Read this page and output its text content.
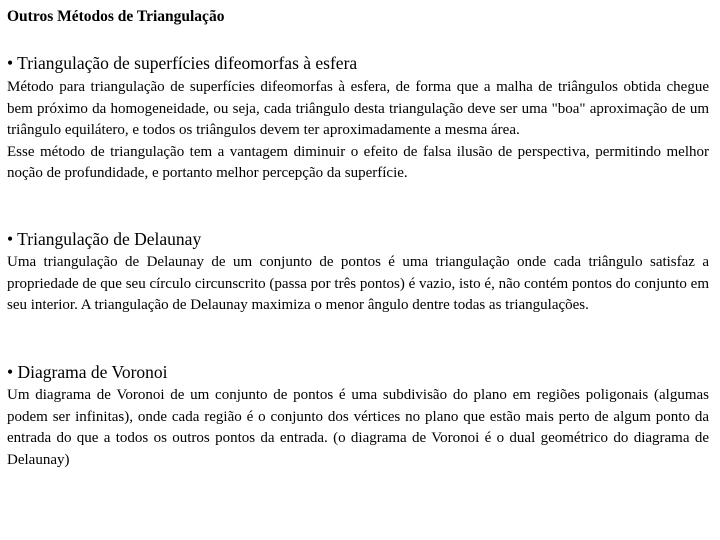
Outros Métodos de Triangulação
• Triangulação de superfícies difeomorfas à esfera

Método para triangulação de superfícies difeomorfas à esfera, de forma que a malha de triângulos obtida chegue bem próximo da homogeneidade, ou seja, cada triângulo desta triangulação deve ser uma "boa" aproximação de um triângulo equilátero, e todos os triângulos devem ter aproximadamente a mesma área.

Esse método de triangulação tem a vantagem diminuir o efeito de falsa ilusão de perspectiva, permitindo melhor noção de profundidade, e portanto melhor percepção da superfície.

• Triangulação de Delaunay

Uma triangulação de Delaunay de um conjunto de pontos é uma triangulação onde cada triângulo satisfaz a propriedade de que seu círculo circunscrito (passa por três pontos) é vazio, isto é, não contém pontos do conjunto em seu interior. A triangulação de Delaunay maximiza o menor ângulo dentre todas as triangulações.

• Diagrama de Voronoi

Um diagrama de Voronoi de um conjunto de pontos é uma subdivisão do plano em regiões poligonais (algumas podem ser infinitas), onde cada região é o conjunto dos vértices no plano que estão mais perto de algum ponto da entrada do que a todos os outros pontos da entrada. (o diagrama de Voronoi é o dual geométrico do diagrama de Delaunay)
